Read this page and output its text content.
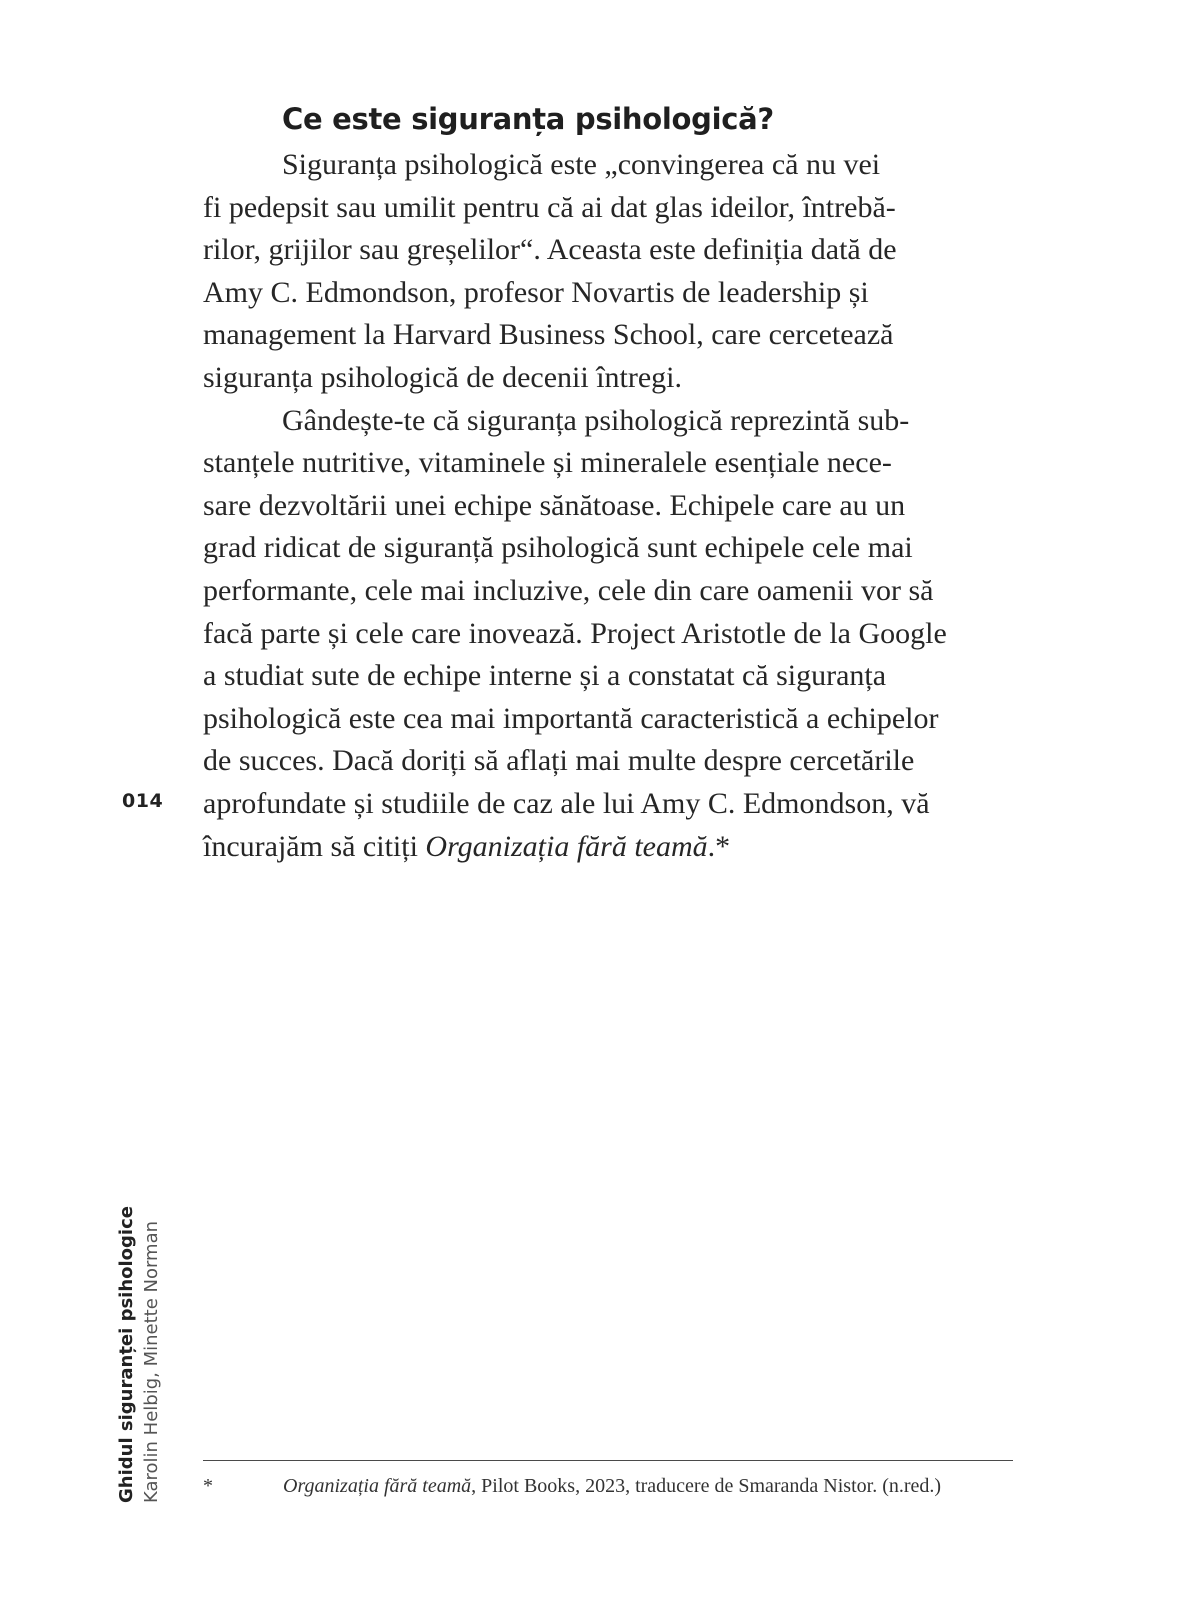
Ce este siguranța psihologică?
Siguranța psihologică este „convingerea că nu vei
fi pedepsit sau umilit pentru că ai dat glas ideilor, întrebă-
rilor, grijilor sau greșelilor“. Aceasta este definiția dată de
Amy C. Edmondson, profesor Novartis de leadership și
management la Harvard Business School, care cercetează
siguranța psihologică de decenii întregi.
Gândește-te că siguranța psihologică reprezintă sub-
stanțele nutritive, vitaminele și mineralele esențiale nece-
sare dezvoltării unei echipe sănătoase. Echipele care au un
grad ridicat de siguranță psihologică sunt echipele cele mai
performante, cele mai incluzive, cele din care oamenii vor să
facă parte și cele care inovează. Project Aristotle de la Google
a studiat sute de echipe interne și a constatat că siguranța
psihologică este cea mai importantă caracteristică a echipelor
de succes. Dacă doriți să aflați mai multe despre cercetările
aprofundate și studiile de caz ale lui Amy C. Edmondson, vă
încurajăm să citiți Organizația fără teamă.*
014
Ghidul siguranței psihologice Karolin Helbig, Minette Norman *	Organizația fără teamă, Pilot Books, 2023, traducere de Smaranda Nistor. (n.red.)
